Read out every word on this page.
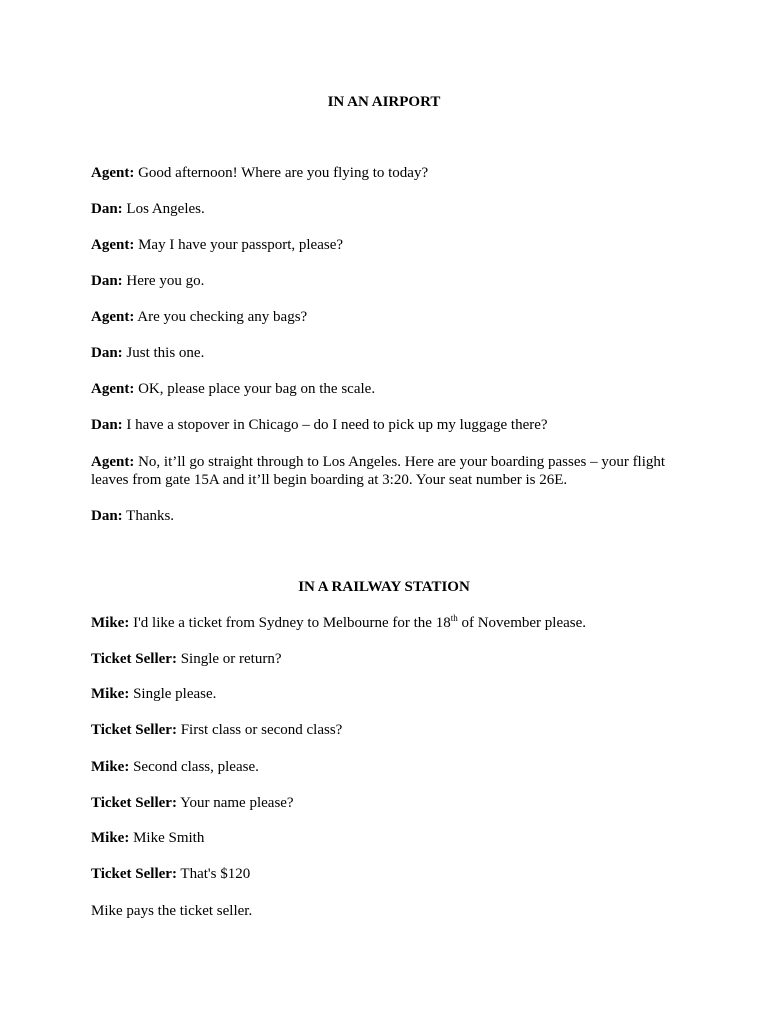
IN AN AIRPORT
Agent: Good afternoon! Where are you flying to today?
Dan: Los Angeles.
Agent: May I have your passport, please?
Dan: Here you go.
Agent: Are you checking any bags?
Dan: Just this one.
Agent: OK, please place your bag on the scale.
Dan: I have a stopover in Chicago – do I need to pick up my luggage there?
Agent: No, it’ll go straight through to Los Angeles. Here are your boarding passes – your flight leaves from gate 15A and it’ll begin boarding at 3:20. Your seat number is 26E.
Dan: Thanks.
IN A RAILWAY STATION
Mike: I'd like a ticket from Sydney to Melbourne for the 18th of November please.
Ticket Seller: Single or return?
Mike: Single please.
Ticket Seller: First class or second class?
Mike: Second class, please.
Ticket Seller: Your name please?
Mike: Mike Smith
Ticket Seller: That's $120
Mike pays the ticket seller.
